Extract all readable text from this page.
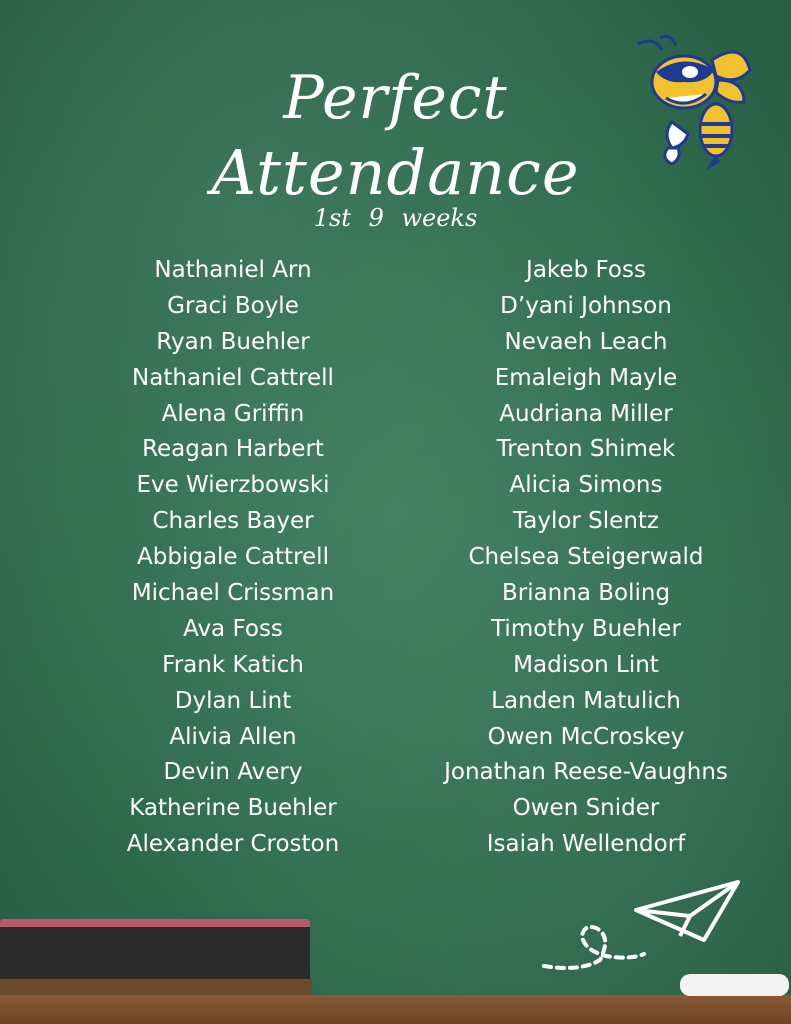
Perfect
Attendance
1st 9 weeks
Nathaniel Arn
Graci Boyle
Ryan Buehler
Nathaniel Cattrell
Alena Griffin
Reagan Harbert
Eve Wierzbowski
Charles Bayer
Abbigale Cattrell
Michael Crissman
Ava Foss
Frank Katich
Dylan Lint
Alivia Allen
Devin Avery
Katherine Buehler
Alexander Croston
Jakeb Foss
D’yani Johnson
Nevaeh Leach
Emaleigh Mayle
Audriana Miller
Trenton Shimek
Alicia Simons
Taylor Slentz
Chelsea Steigerwald
Brianna Boling
Timothy Buehler
Madison Lint
Landen Matulich
Owen McCroskey
Jonathan Reese-Vaughns
Owen Snider
Isaiah Wellendorf
